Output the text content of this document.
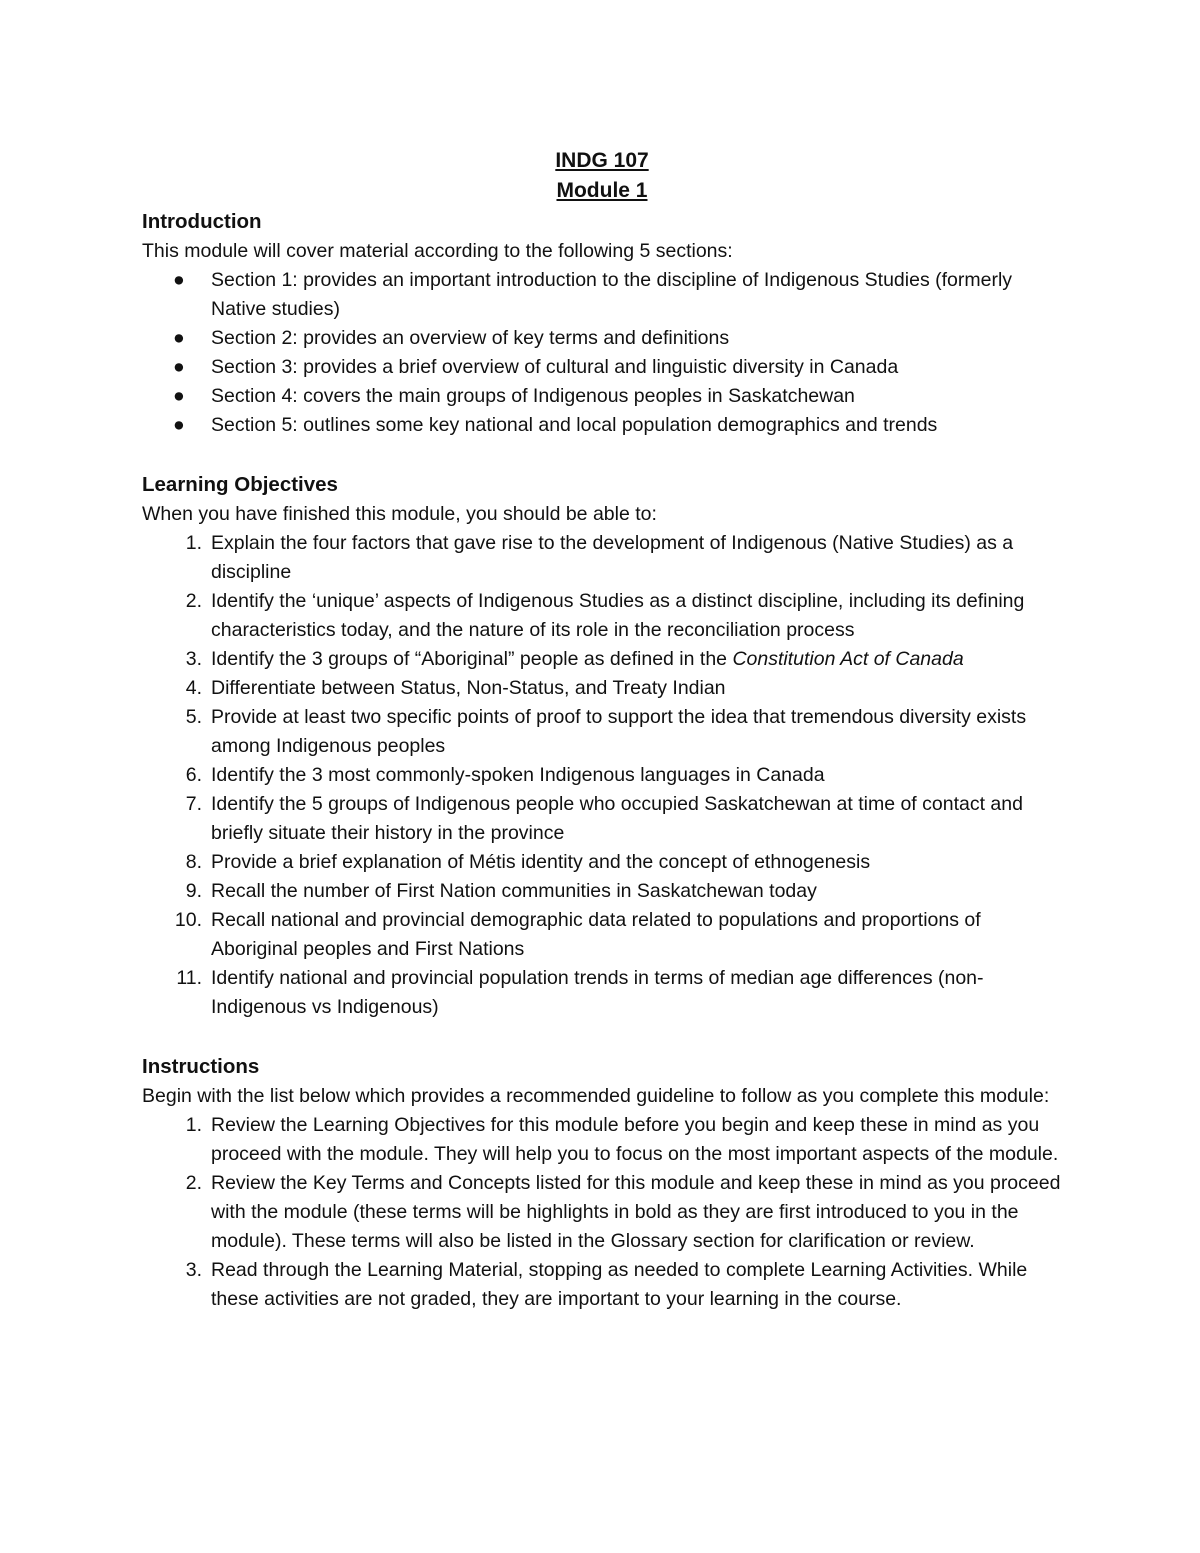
INDG 107
Module 1
Introduction

This module will cover material according to the following 5 sections:

● Section 1: provides an important introduction to the discipline of Indigenous Studies (formerly Native studies)
● Section 2: provides an overview of key terms and definitions
● Section 3: provides a brief overview of cultural and linguistic diversity in Canada
● Section 4: covers the main groups of Indigenous peoples in Saskatchewan
● Section 5: outlines some key national and local population demographics and trends
Learning Objectives

When you have finished this module, you should be able to:

1. Explain the four factors that gave rise to the development of Indigenous (Native Studies) as a discipline
2. Identify the ‘unique’ aspects of Indigenous Studies as a distinct discipline, including its defining characteristics today, and the nature of its role in the reconciliation process
3. Identify the 3 groups of “Aboriginal” people as defined in the Constitution Act of Canada
4. Differentiate between Status, Non-Status, and Treaty Indian
5. Provide at least two specific points of proof to support the idea that tremendous diversity exists among Indigenous peoples
6. Identify the 3 most commonly-spoken Indigenous languages in Canada
7. Identify the 5 groups of Indigenous people who occupied Saskatchewan at time of contact and briefly situate their history in the province
8. Provide a brief explanation of Métis identity and the concept of ethnogenesis
9. Recall the number of First Nation communities in Saskatchewan today
10. Recall national and provincial demographic data related to populations and proportions of Aboriginal peoples and First Nations
11. Identify national and provincial population trends in terms of median age differences (non-Indigenous vs Indigenous)
Instructions

Begin with the list below which provides a recommended guideline to follow as you complete this module:

1. Review the Learning Objectives for this module before you begin and keep these in mind as you proceed with the module. They will help you to focus on the most important aspects of the module.
2. Review the Key Terms and Concepts listed for this module and keep these in mind as you proceed with the module (these terms will be highlights in bold as they are first introduced to you in the module). These terms will also be listed in the Glossary section for clarification or review.
3. Read through the Learning Material, stopping as needed to complete Learning Activities. While these activities are not graded, they are important to your learning in the course.
